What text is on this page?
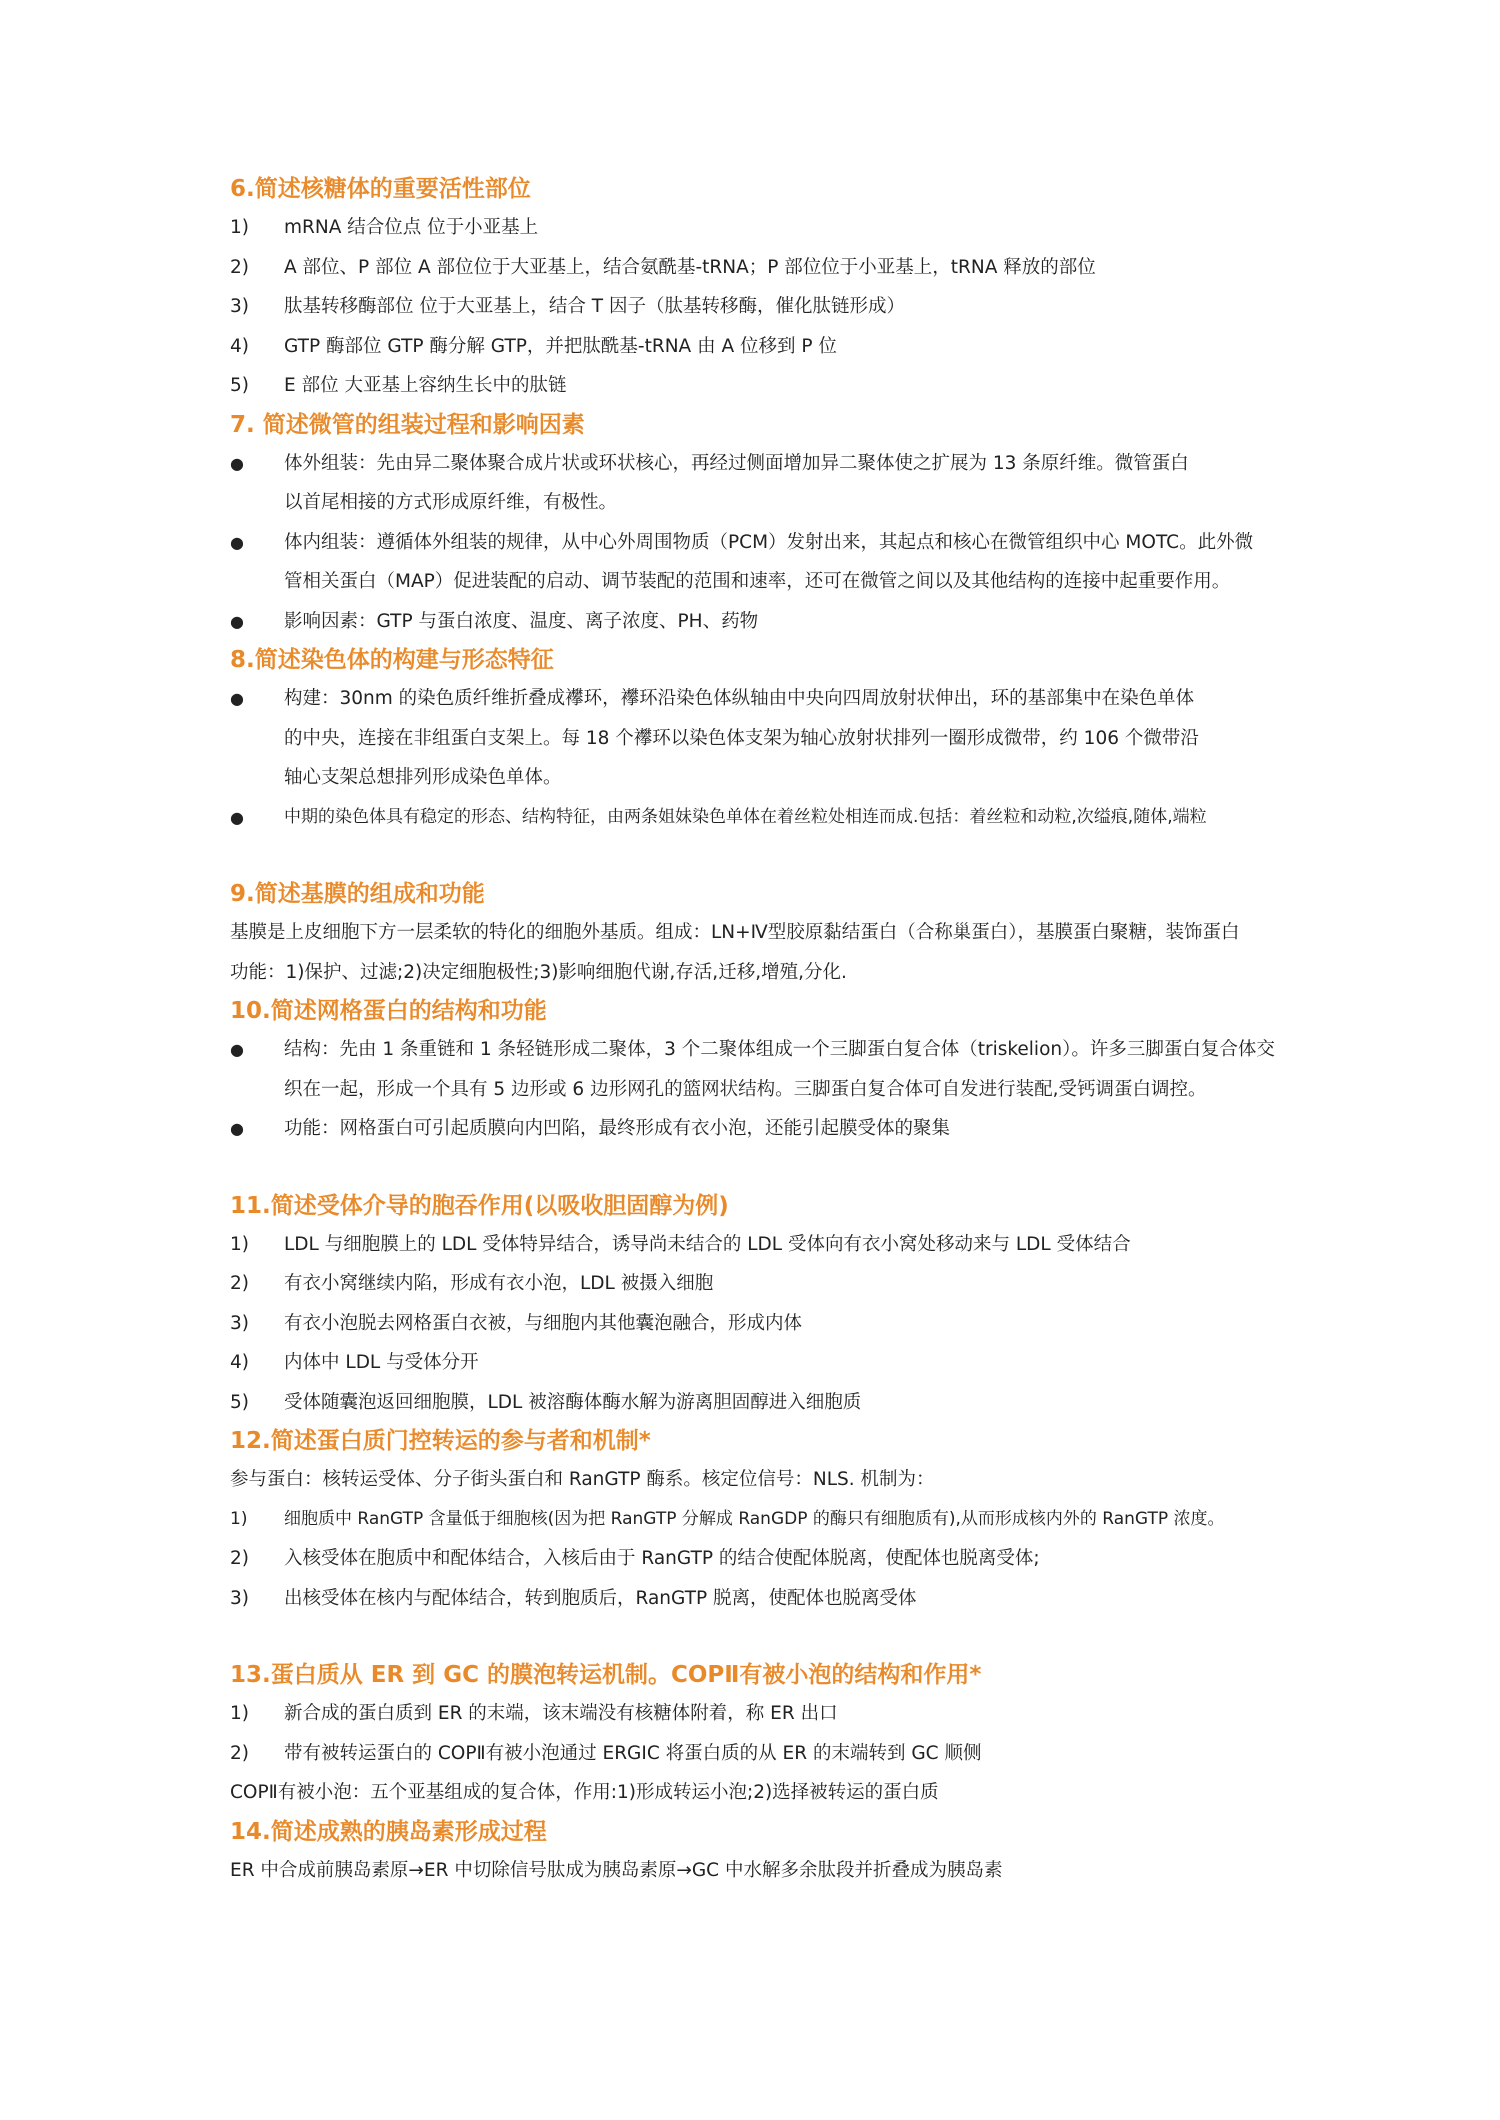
6.简述核糖体的重要活性部位
1)	mRNA 结合位点 位于小亚基上
2)	A 部位、P 部位 A 部位位于大亚基上，结合氨酰基-tRNA；P 部位位于小亚基上，tRNA 释放的部位
3)	肽基转移酶部位 位于大亚基上，结合 T 因子（肽基转移酶，催化肽链形成）
4)	GTP 酶部位 GTP 酶分解 GTP，并把肽酰基-tRNA 由 A 位移到 P 位
5)	E 部位 大亚基上容纳生长中的肽链
7. 简述微管的组装过程和影响因素
●	体外组装：先由异二聚体聚合成片状或环状核心，再经过侧面增加异二聚体使之扩展为 13 条原纤维。微管蛋白
以首尾相接的方式形成原纤维，有极性。
●	体内组装：遵循体外组装的规律，从中心外周围物质（PCM）发射出来，其起点和核心在微管组织中心 MOTC。此外微
管相关蛋白（MAP）促进装配的启动、调节装配的范围和速率，还可在微管之间以及其他结构的连接中起重要作用。
●	影响因素：GTP 与蛋白浓度、温度、离子浓度、PH、药物
8.简述染色体的构建与形态特征
●	构建：30nm 的染色质纤维折叠成襻环，襻环沿染色体纵轴由中央向四周放射状伸出，环的基部集中在染色单体
的中央，连接在非组蛋白支架上。每 18 个襻环以染色体支架为轴心放射状排列一圈形成微带，约 106 个微带沿
轴心支架总想排列形成染色单体。
●	中期的染色体具有稳定的形态、结构特征，由两条姐妹染色单体在着丝粒处相连而成.包括：着丝粒和动粒,次缢痕,随体,端粒
9.简述基膜的组成和功能
基膜是上皮细胞下方一层柔软的特化的细胞外基质。组成：LN+Ⅳ型胶原黏结蛋白（合称巢蛋白），基膜蛋白聚糖，装饰蛋白
功能：1)保护、过滤;2)决定细胞极性;3)影响细胞代谢,存活,迁移,增殖,分化.
10.简述网格蛋白的结构和功能
●	结构：先由 1 条重链和 1 条轻链形成二聚体，3 个二聚体组成一个三脚蛋白复合体（triskelion）。许多三脚蛋白复合体交
织在一起，形成一个具有 5 边形或 6 边形网孔的篮网状结构。三脚蛋白复合体可自发进行装配,受钙调蛋白调控。
●	功能：网格蛋白可引起质膜向内凹陷，最终形成有衣小泡，还能引起膜受体的聚集
11.简述受体介导的胞吞作用(以吸收胆固醇为例)
1)	LDL 与细胞膜上的 LDL 受体特异结合，诱导尚未结合的 LDL 受体向有衣小窝处移动来与 LDL 受体结合
2)	有衣小窝继续内陷，形成有衣小泡，LDL 被摄入细胞
3)	有衣小泡脱去网格蛋白衣被，与细胞内其他囊泡融合，形成内体
4)	内体中 LDL 与受体分开
5)	受体随囊泡返回细胞膜，LDL 被溶酶体酶水解为游离胆固醇进入细胞质
12.简述蛋白质门控转运的参与者和机制*
参与蛋白：核转运受体、分子街头蛋白和 RanGTP 酶系。核定位信号：NLS. 机制为：
1)	细胞质中 RanGTP 含量低于细胞核(因为把 RanGTP 分解成 RanGDP 的酶只有细胞质有),从而形成核内外的 RanGTP 浓度。
2)	入核受体在胞质中和配体结合，入核后由于 RanGTP 的结合使配体脱离，使配体也脱离受体;
3)	出核受体在核内与配体结合，转到胞质后，RanGTP 脱离，使配体也脱离受体
13.蛋白质从 ER 到 GC 的膜泡转运机制。COPⅡ有被小泡的结构和作用*
1)	新合成的蛋白质到 ER 的末端，该末端没有核糖体附着，称 ER 出口
2)	带有被转运蛋白的 COPⅡ有被小泡通过 ERGIC 将蛋白质的从 ER 的末端转到 GC 顺侧
COPⅡ有被小泡：五个亚基组成的复合体，作用:1)形成转运小泡;2)选择被转运的蛋白质
14.简述成熟的胰岛素形成过程
ER 中合成前胰岛素原→ER 中切除信号肽成为胰岛素原→GC 中水解多余肽段并折叠成为胰岛素
